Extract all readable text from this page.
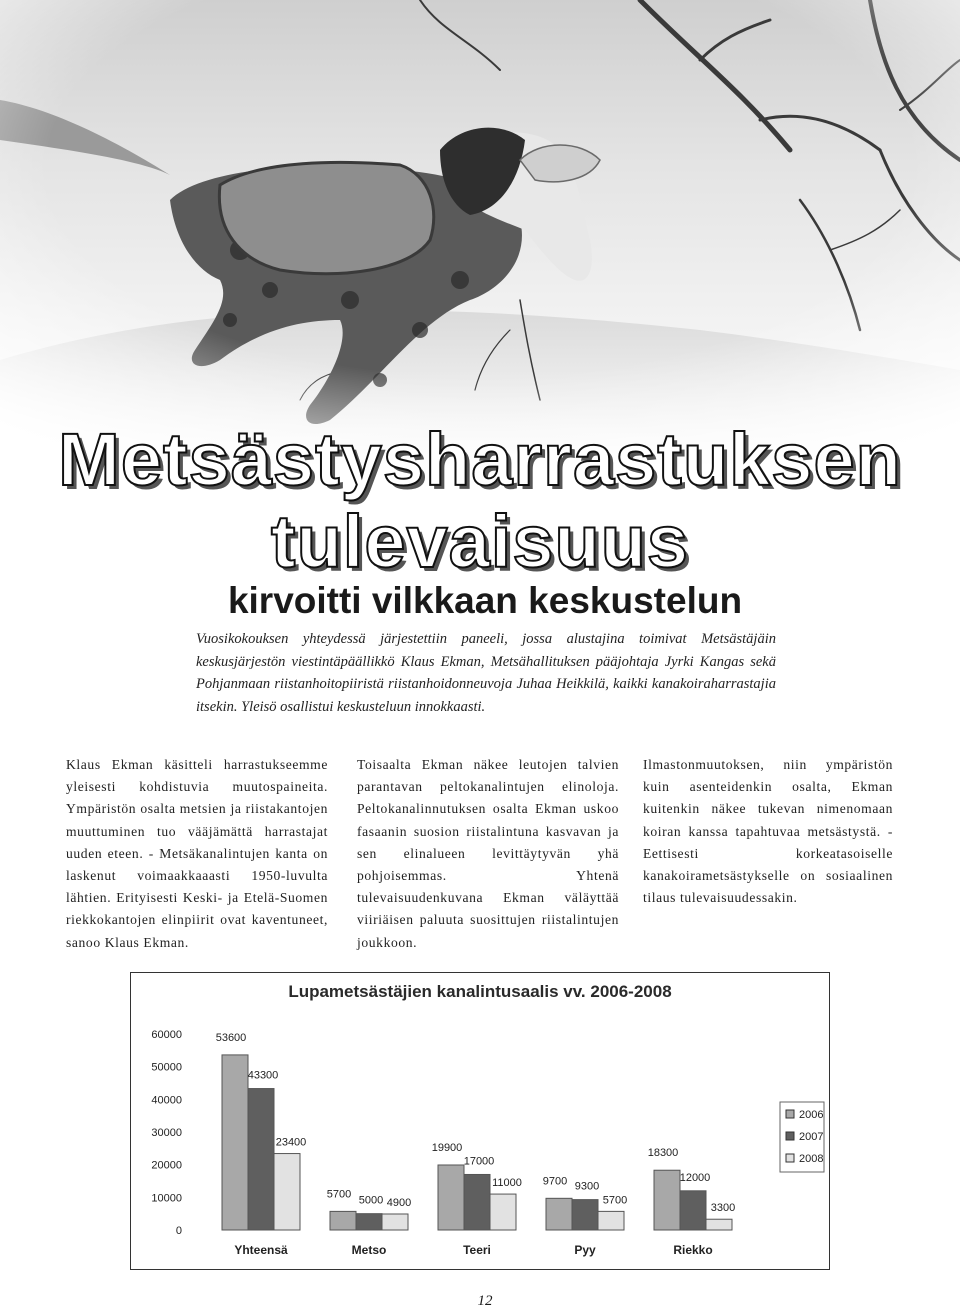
Metsästysharrastuksen
tulevaisuus
kirvoitti vilkkaan keskustelun
Vuosikokouksen yhteydessä järjestettiin paneeli, jossa alustajina toimivat Metsästäjäin keskusjärjestön viestintäpäällikkö Klaus Ekman, Metsähallituksen pääjohtaja Jyrki Kangas sekä Pohjanmaan riistanhoitopiiristä riistanhoidonneuvoja Juhaa Heikkilä, kaikki kanakoiraharrastajia itsekin. Yleisö osallistui keskusteluun innokkaasti.

Klaus Ekman käsitteli harrastukseemme yleisesti kohdistuvia muutospaineita. Ympäristön osalta metsien ja riistakantojen muuttuminen tuo vääjämättä harrastajat uuden eteen. - Metsäkanalintujen kanta on laskenut voimaakkaaasti 1950-luvulta lähtien. Erityisesti Keski- ja Etelä-Suomen riekkokantojen elinpiirit ovat kaventuneet, sanoo Klaus Ekman.

Toisaalta Ekman näkee leutojen talvien parantavan peltokanalintujen elinoloja. Peltokanalinnutuksen osalta Ekman uskoo fasaanin suosion riistalintuna kasvavan ja sen elinalueen levittäytyvän yhä pohjoisemmas. Yhtenä tulevaisuudenkuvana Ekman väläyttää viiriäisen paluuta suosittujen riistalintujen joukkoon.

Ilmastonmuutoksen, niin ympäristön kuin asenteidenkin osalta, Ekman kuitenkin näkee tukevan nimenomaan koiran kanssa tapahtuvaa metsästystä. - Eettisesti korkeatasoiselle kanakoirametsästykselle on sosiaalinen tilaus tulevaisuudessakin.

Lupametsästäjien kanalintusaalis vv. 2006-2008
0
10000
20000
30000
40000
50000
60000	53600
43300
23400
Yhteensä
5700
5000 4900
Metso
19900
17000
11000
Teeri
9700 9300
5700
Pyy
18300
12000
3300
Riekko
2006
2007
2008
12
